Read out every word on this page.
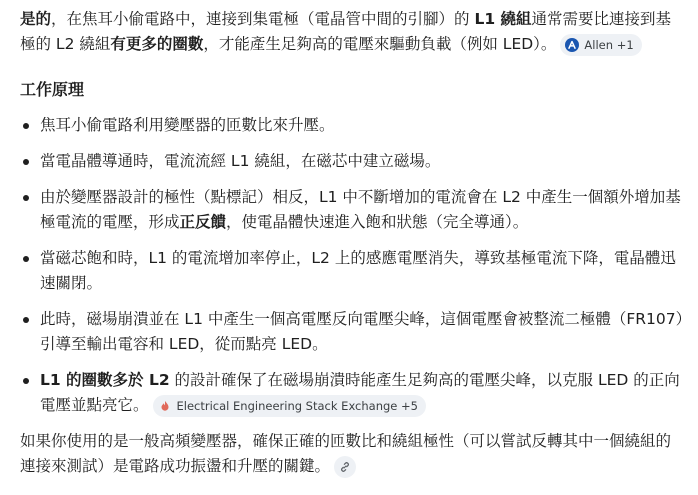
是的，在焦耳小偷電路中，連接到集電極（電晶管中間的引腳）的 L1 繞組通常需要比連接到基極的 L2 繞組有更多的圈數，才能產生足夠高的電壓來驅動負載（例如 LED）。 Allen +1

工作原理
焦耳小偷電路利用變壓器的匝數比來升壓。
當電晶體導通時，電流流經 L1 繞組，在磁芯中建立磁場。
由於變壓器設計的極性（點標記）相反，L1 中不斷增加的電流會在 L2 中產生一個額外增加基極電流的電壓，形成正反饋，使電晶體快速進入飽和狀態（完全導通）。
當磁芯飽和時，L1 的電流增加率停止，L2 上的感應電壓消失，導致基極電流下降，電晶體迅速關閉。
此時，磁場崩潰並在 L1 中產生一個高電壓反向電壓尖峰，這個電壓會被整流二極體（FR107）引導至輸出電容和 LED，從而點亮 LED。
L1 的圈數多於 L2 的設計確保了在磁場崩潰時能產生足夠高的電壓尖峰，以克服 LED 的正向電壓並點亮它。 Electrical Engineering Stack Exchange +5

如果你使用的是一般高頻變壓器，確保正確的匝數比和繞組極性（可以嘗試反轉其中一個繞組的連接來測試）是電路成功振盪和升壓的關鍵。
